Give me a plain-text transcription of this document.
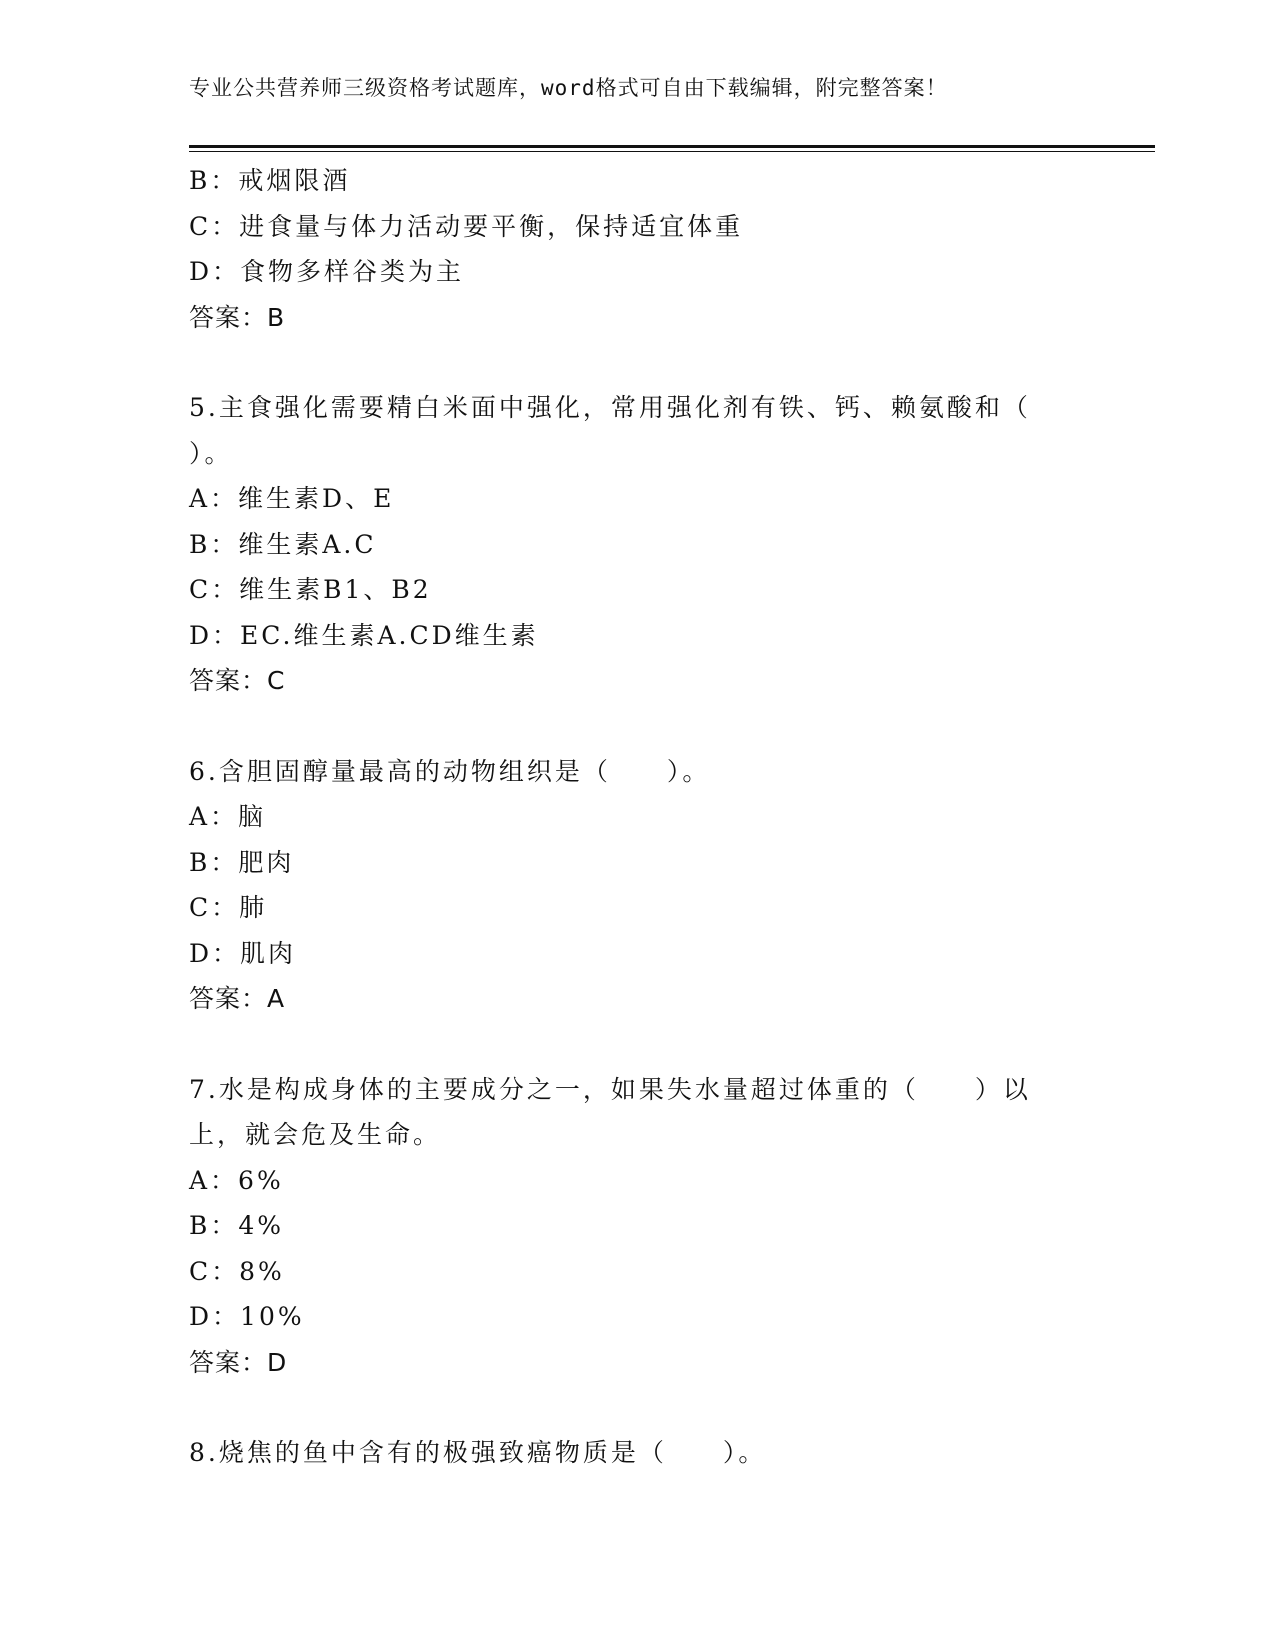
专业公共营养师三级资格考试题库，word格式可自由下载编辑，附完整答案！
B：戒烟限酒
C：进食量与体力活动要平衡，保持适宜体重
D：食物多样谷类为主
答案：B
5.主食强化需要精白米面中强化，常用强化剂有铁、钙、赖氨酸和（
）。
A：维生素D、E
B：维生素A.C
C：维生素B1、B2
D：EC.维生素A.CD维生素
答案：C
6.含胆固醇量最高的动物组织是（　　）。
A：脑
B：肥肉
C：肺
D：肌肉
答案：A
7.水是构成身体的主要成分之一，如果失水量超过体重的（　　）以
上，就会危及生命。
A：6%
B：4%
C：8%
D：10%
答案：D
8.烧焦的鱼中含有的极强致癌物质是（　　）。
